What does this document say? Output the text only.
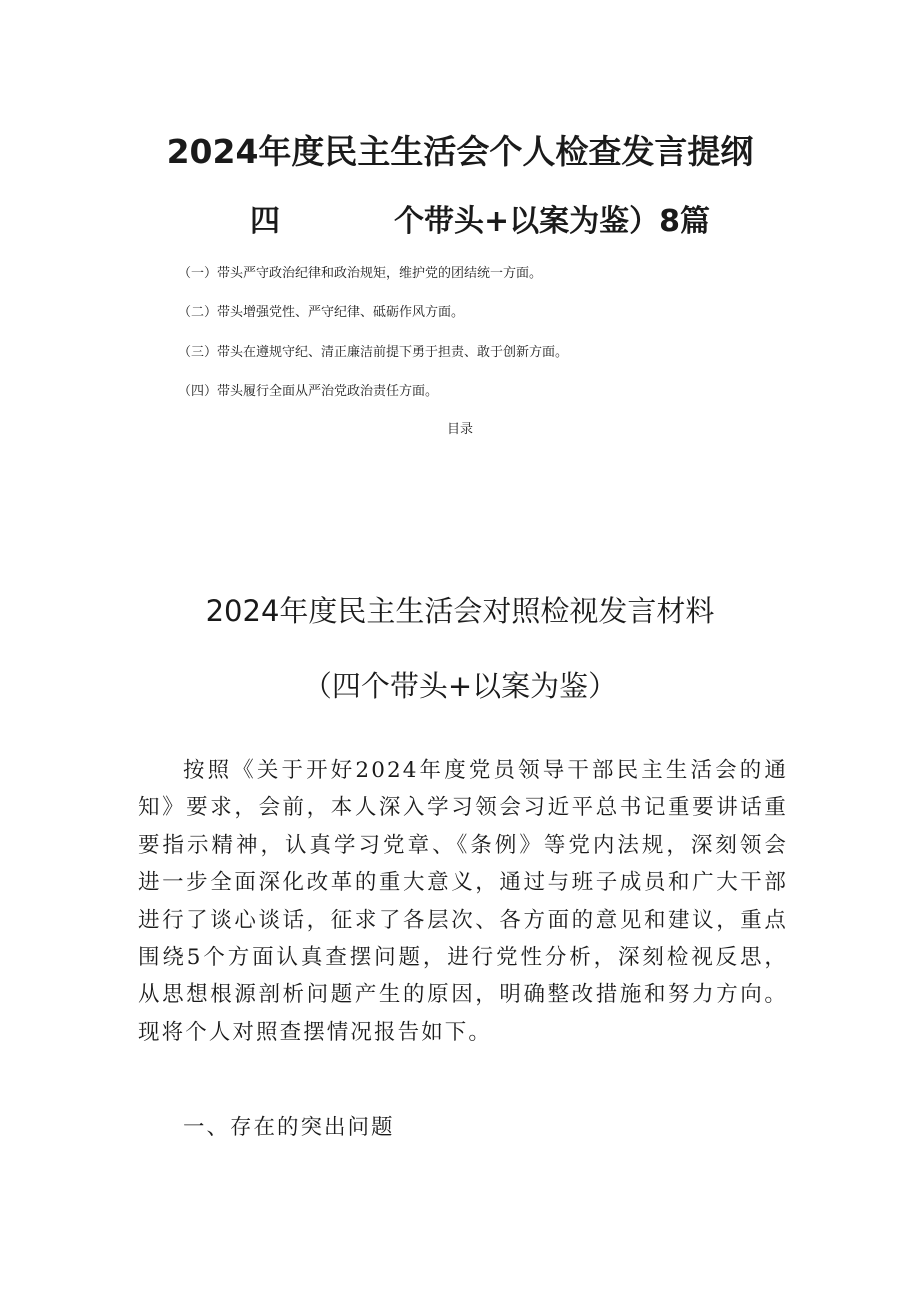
2024年度民主生活会个人检查发言提纲
四	个带头+以案为鉴）8篇
（一）带头严守政治纪律和政治规矩，维护党的团结统一方面。
（二）带头增强党性、严守纪律、砥砺作风方面。
（三）带头在遵规守纪、清正廉洁前提下勇于担责、敢于创新方面。
（四）带头履行全面从严治党政治责任方面。
目录
2024年度民主生活会对照检视发言材料
（四个带头+以案为鉴）
按照《关于开好2024年度党员领导干部民主生活会的通知》要求，会前，本人深入学习领会习近平总书记重要讲话重要指示精神，认真学习党章、《条例》等党内法规，深刻领会进一步全面深化改革的重大意义，通过与班子成员和广大干部进行了谈心谈话，征求了各层次、各方面的意见和建议，重点围绕5个方面认真查摆问题，进行党性分析，深刻检视反思，从思想根源剖析问题产生的原因，明确整改措施和努力方向。现将个人对照查摆情况报告如下。
一、存在的突出问题
